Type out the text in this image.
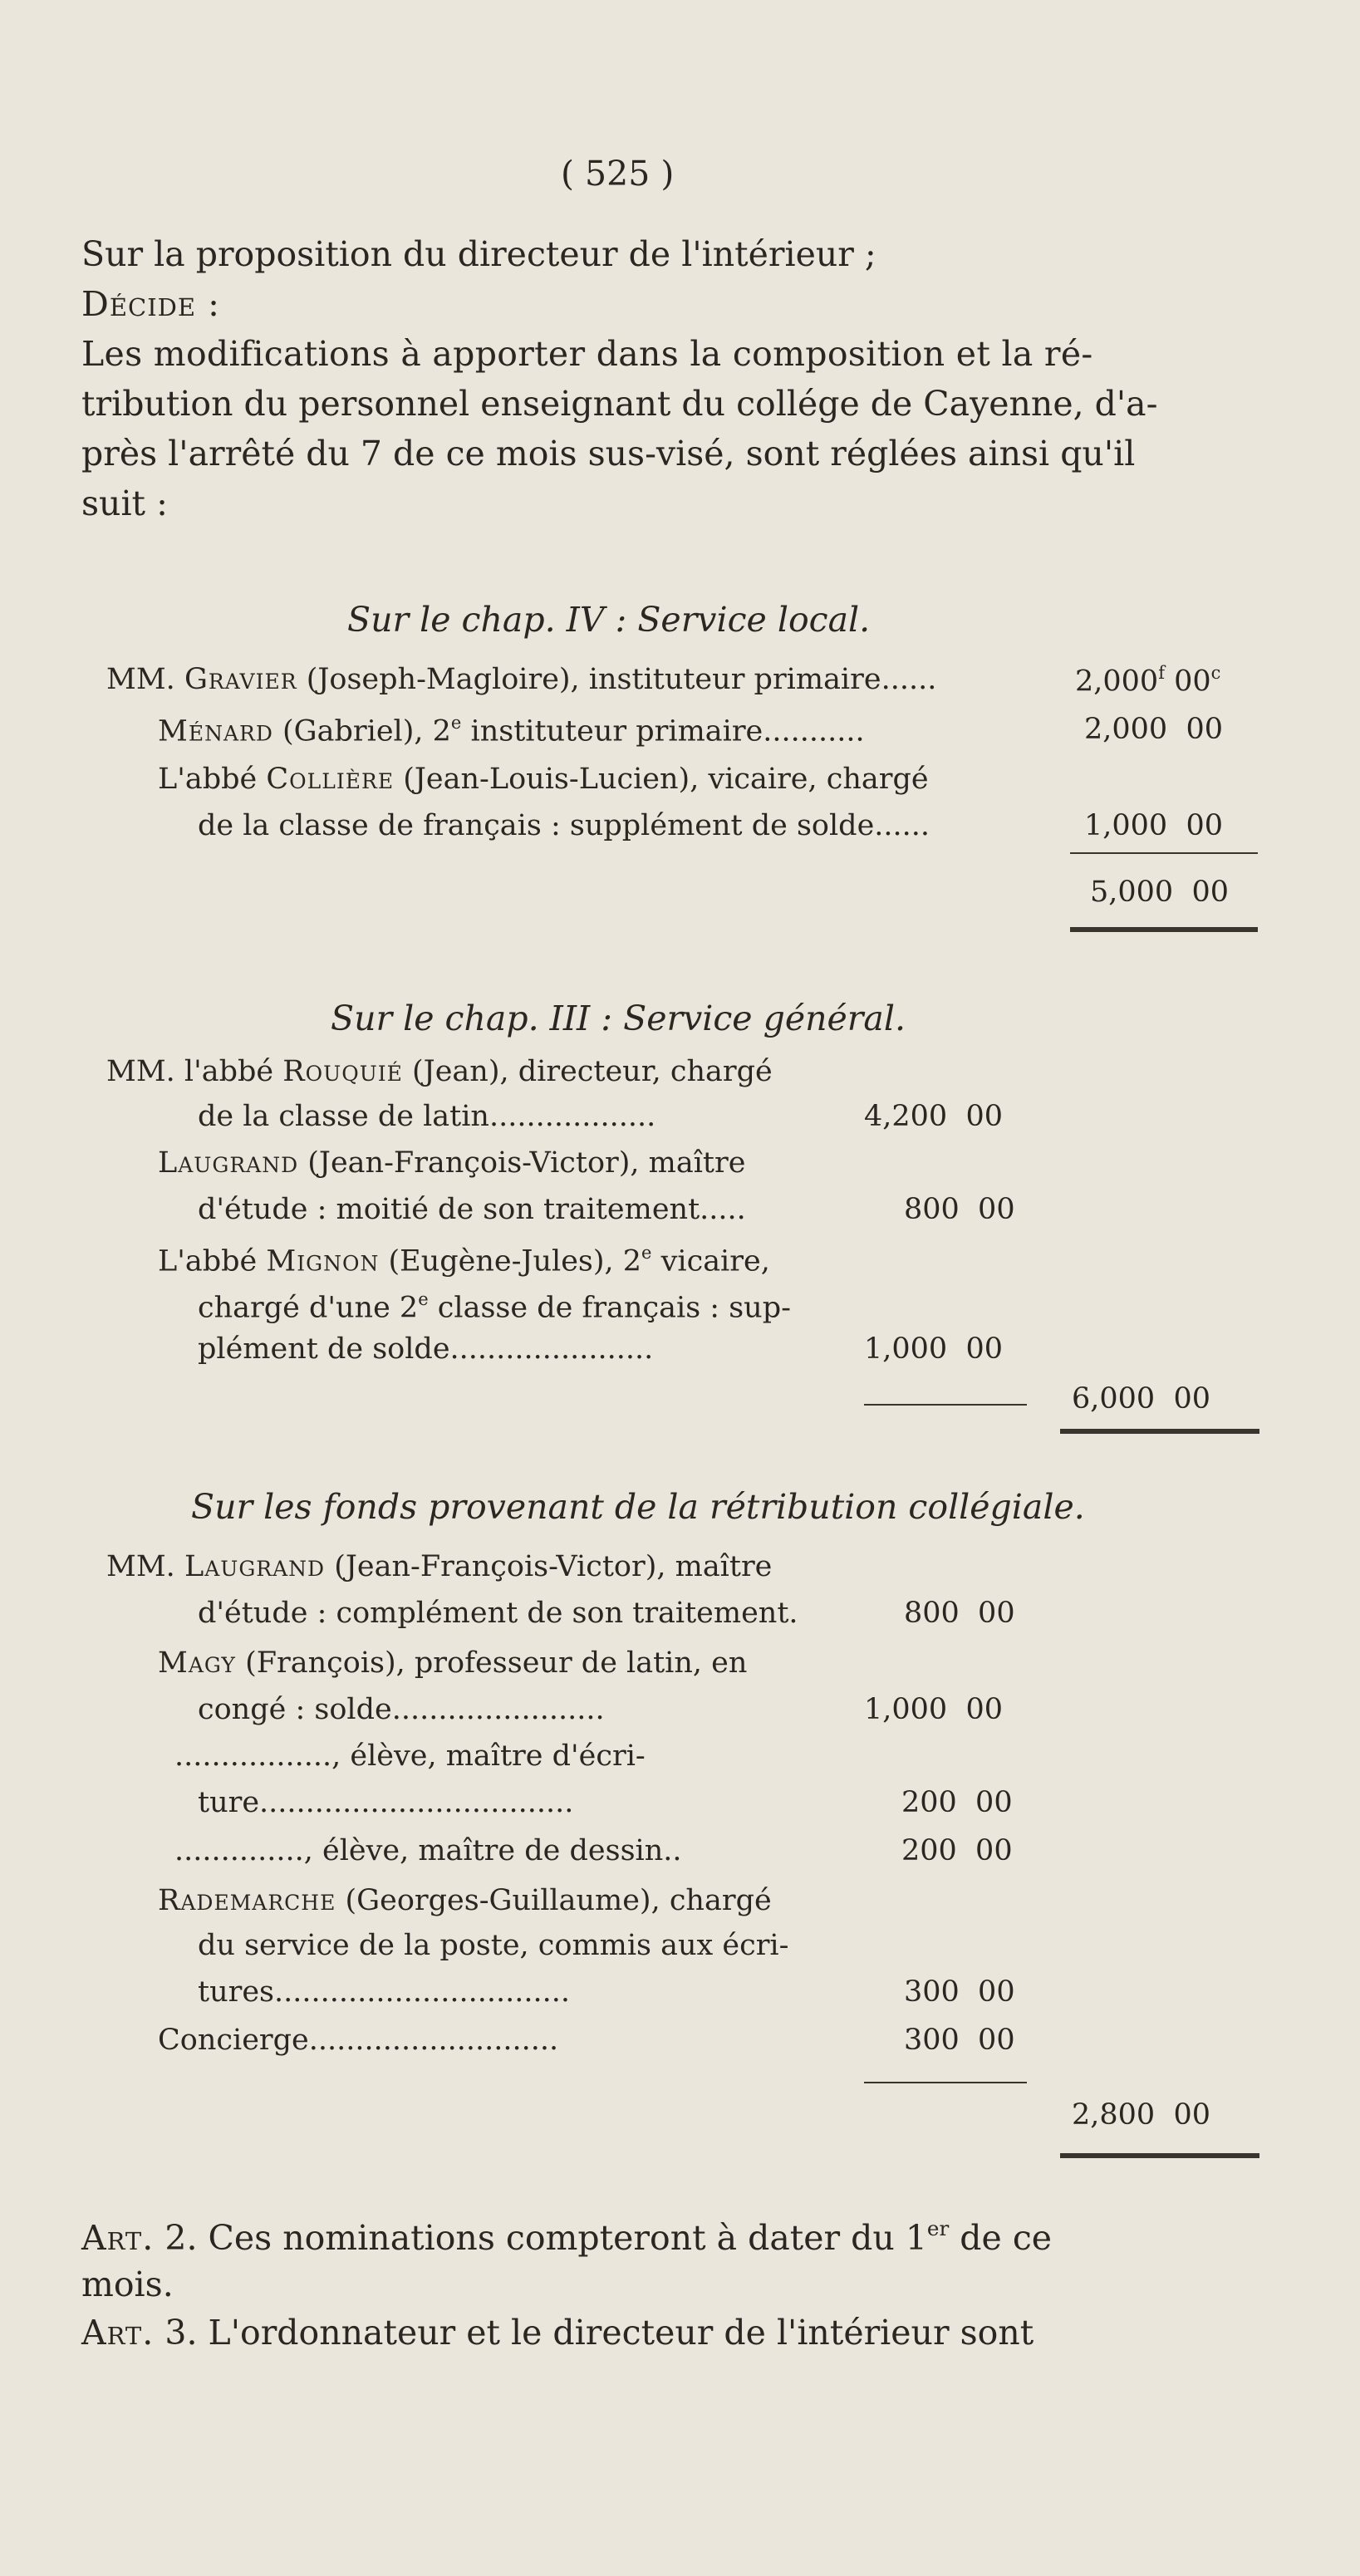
( 525 )
Sur la proposition du directeur de l'intérieur ;
Décide :
Les modifications à apporter dans la composition et la ré-
tribution du personnel enseignant du collége de Cayenne, d'a-
près l'arrêté du 7 de ce mois sus-visé, sont réglées ainsi qu'il
suit :
Sur le chap. IV : Service local.
MM. Gravier (Joseph-Magloire), instituteur primaire......	2,000$^f$ 00$^c$
Ménard (Gabriel), 2e instituteur primaire...........	2,000  00
L'abbé Collière (Jean-Louis-Lucien), vicaire, chargé
de la classe de français : supplément de solde......	1,000  00
5,000  00
Sur le chap. III : Service général.
MM. l'abbé Rouquié (Jean), directeur, chargé
de la classe de latin..................	4,200  00
Laugrand (Jean-François-Victor), maître
d'étude : moitié de son traitement.....	800  00
L'abbé Mignon (Eugène-Jules), 2e vicaire,
chargé d'une 2e classe de français : sup-
plément de solde......................	1,000  00
6,000  00
Sur les fonds provenant de la rétribution collégiale.
MM. Laugrand (Jean-François-Victor), maître
d'étude : complément de son traitement.	800  00
Magy (François), professeur de latin, en
congé : solde.......................	1,000  00
................., élève, maître d'écri-
ture..................................	200  00
.............., élève, maître de dessin..	200  00
Rademarche (Georges-Guillaume), chargé
du service de la poste, commis aux écri-
tures................................	300  00
Concierge...........................	300  00
2,800  00
Art. 2. Ces nominations compteront à dater du 1er de ce
mois.
Art. 3. L'ordonnateur et le directeur de l'intérieur sont
